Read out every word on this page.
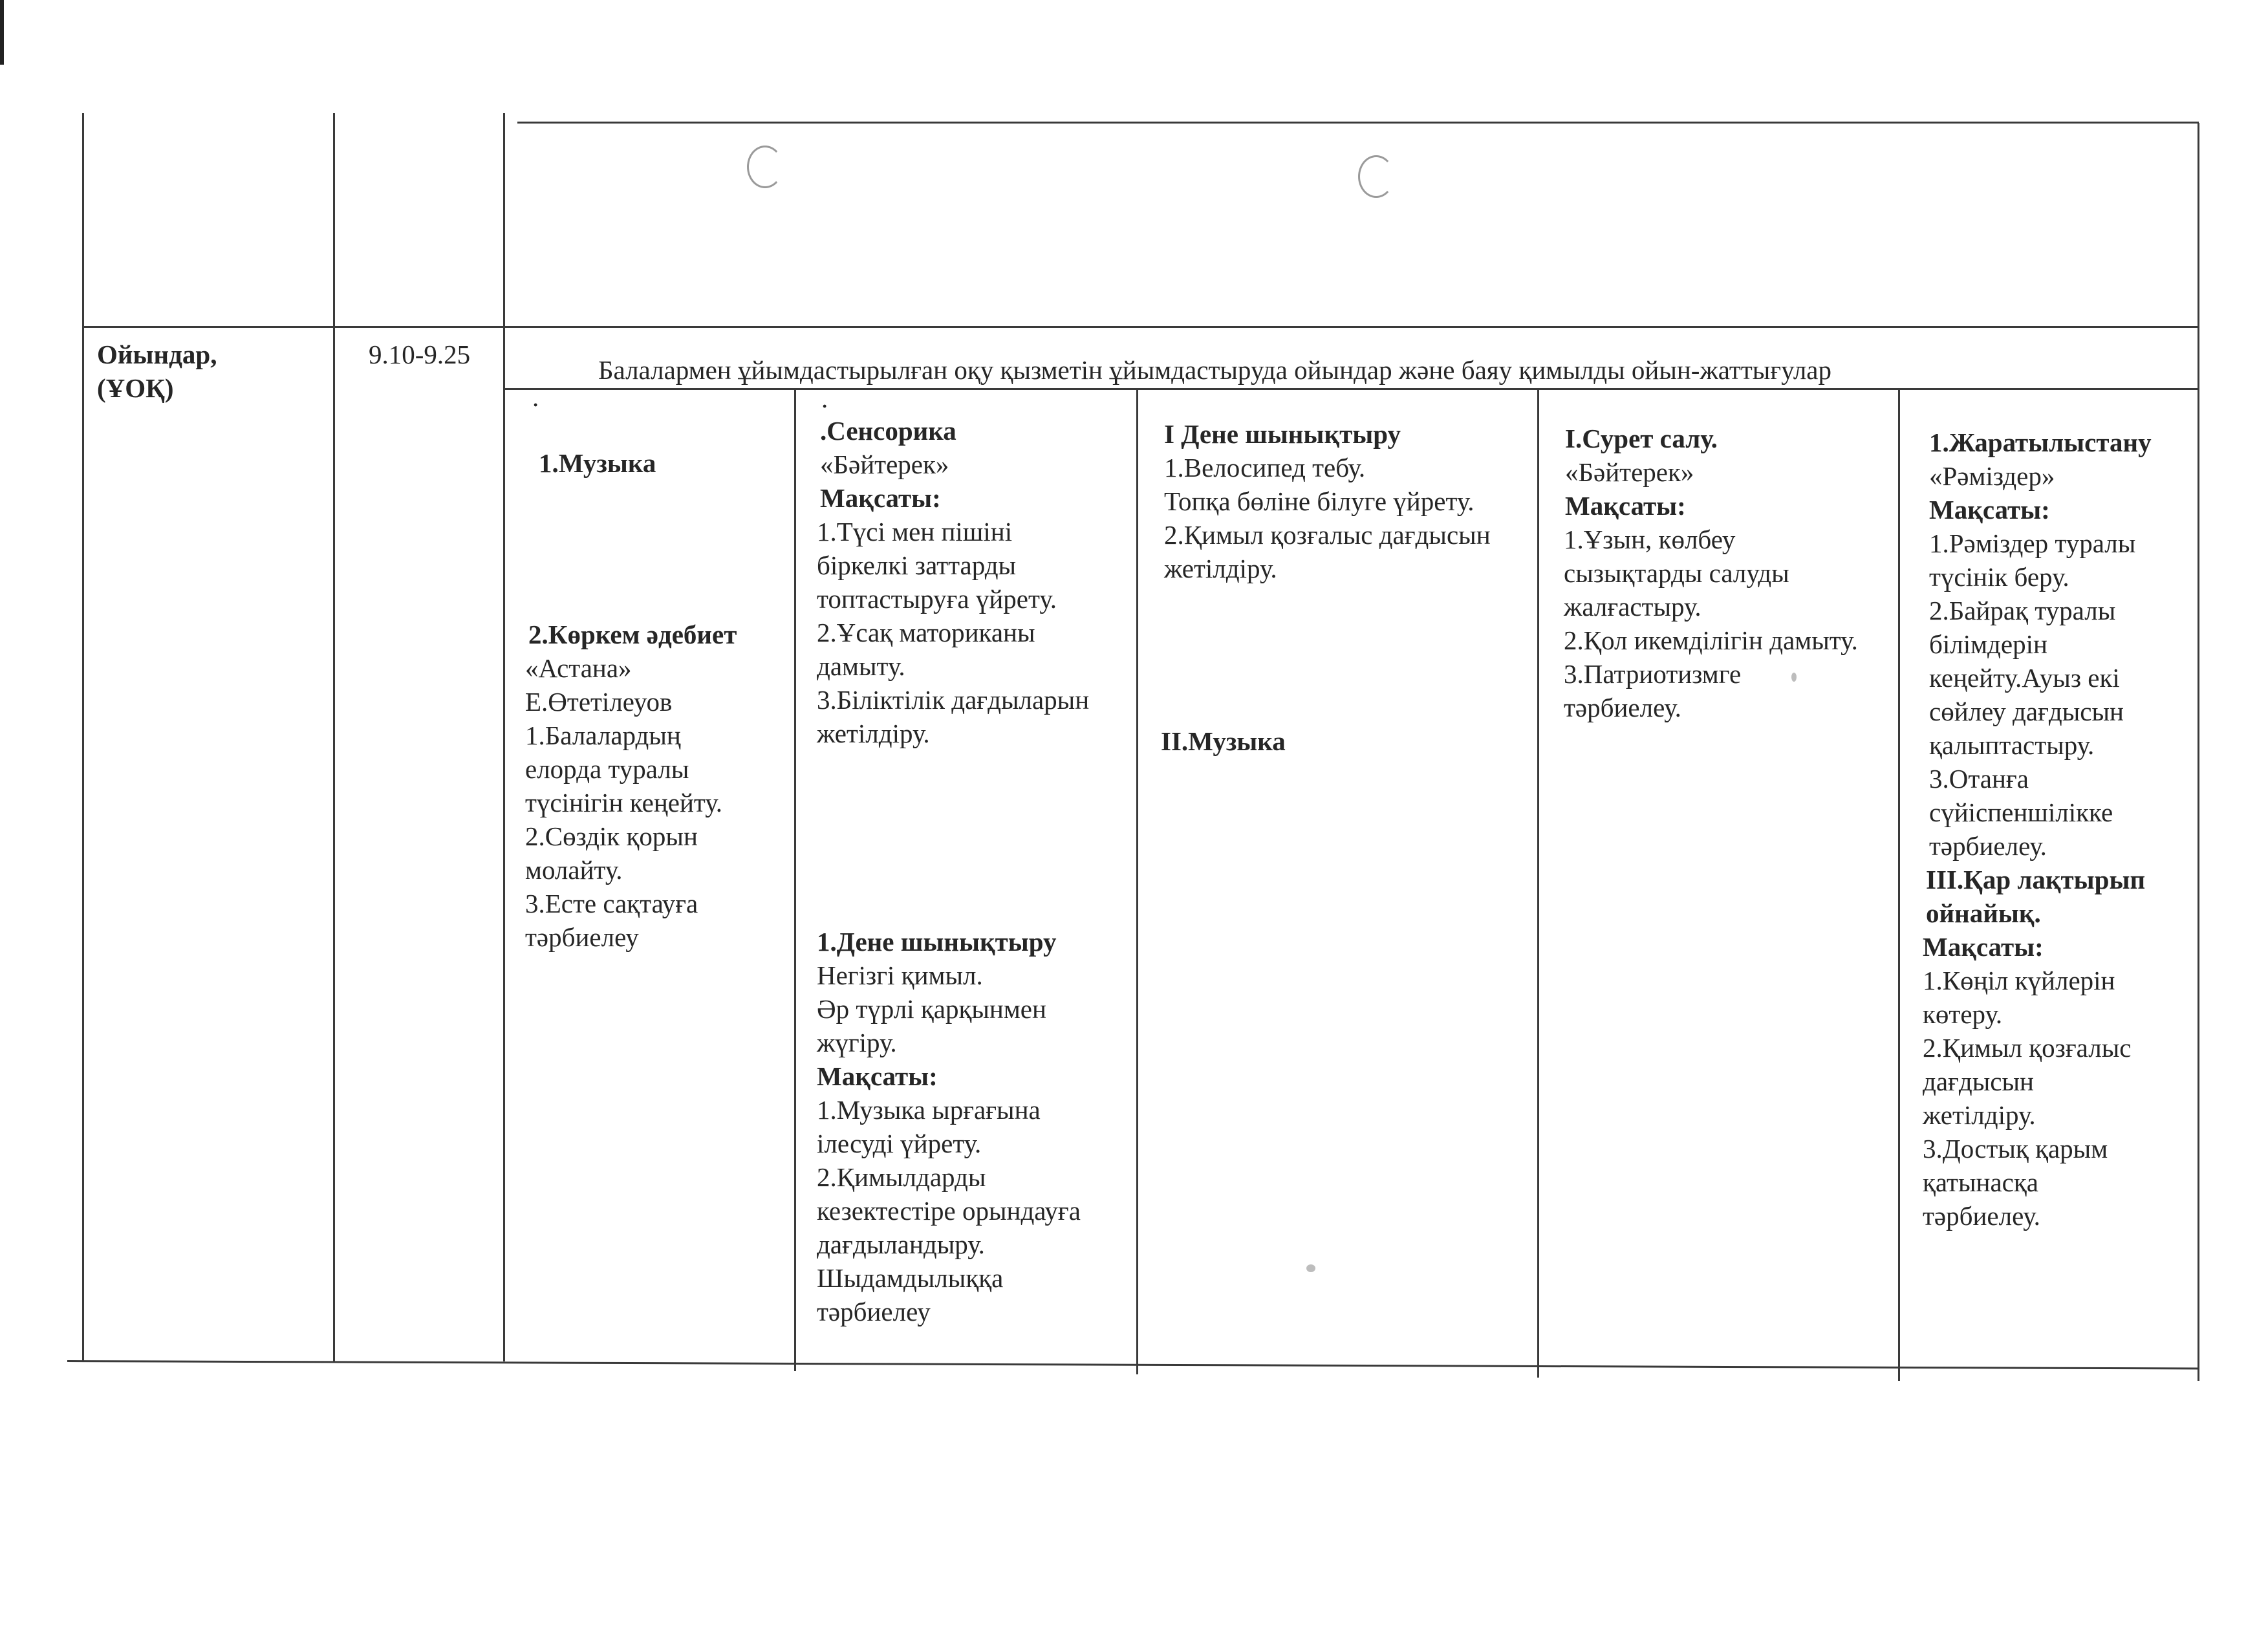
Ойындар,
(ҰОҚ)
9.10-9.25
Балалармен ұйымдастырылған оқу қызметін ұйымдастыруда ойындар және баяу қимылды ойын-жаттығулар
.
1.Музыка
2.Көркем әдебиет
«Астана»
Е.Өтетілеуов
1.Балалардың
елорда туралы
түсінігін кеңейту.
2.Сөздік қорын
молайту.
3.Есте сақтауға
тәрбиелеу
.
.Сенсорика
«Бәйтерек»
Мақсаты:
1.Түсі мен пішіні
біркелкі заттарды
топтастыруға үйрету.
2.Ұсақ маториканы
дамыту.
3.Біліктілік дағдыларын
жетілдіру.
1.Дене шынықтыру
Негізгі қимыл.
Әр түрлі қарқынмен
жүгіру.
Мақсаты:
1.Музыка ырғағына
ілесуді үйрету.
2.Қимылдарды
кезектестіре орындауға
дағдыландыру.
Шыдамдылыққа
тәрбиелеу
I Дене шынықтыру
1.Велосипед тебу.
Топқа бөліне білуге үйрету.
2.Қимыл қозғалыс дағдысын
жетілдіру.
II.Музыка
I.Сурет салу.
«Бәйтерек»
Мақсаты:
1.Ұзын, көлбеу
сызықтарды салуды
жалғастыру.
2.Қол икемділігін дамыту.
3.Патриотизмге
тәрбиелеу.
1.Жаратылыстану
«Рәміздер»
Мақсаты:
1.Рәміздер туралы
түсінік беру.
2.Байрақ туралы
білімдерін
кеңейту.Ауыз екі
сөйлеу дағдысын
қалыптастыру.
3.Отанға
сүйіспеншілікке
тәрбиелеу.
III.Қар лақтырып
ойнайық.
Мақсаты:
1.Көңіл күйлерін
көтеру.
2.Қимыл қозғалыс
дағдысын
жетілдіру.
3.Достық қарым
қатынасқа
тәрбиелеу.
